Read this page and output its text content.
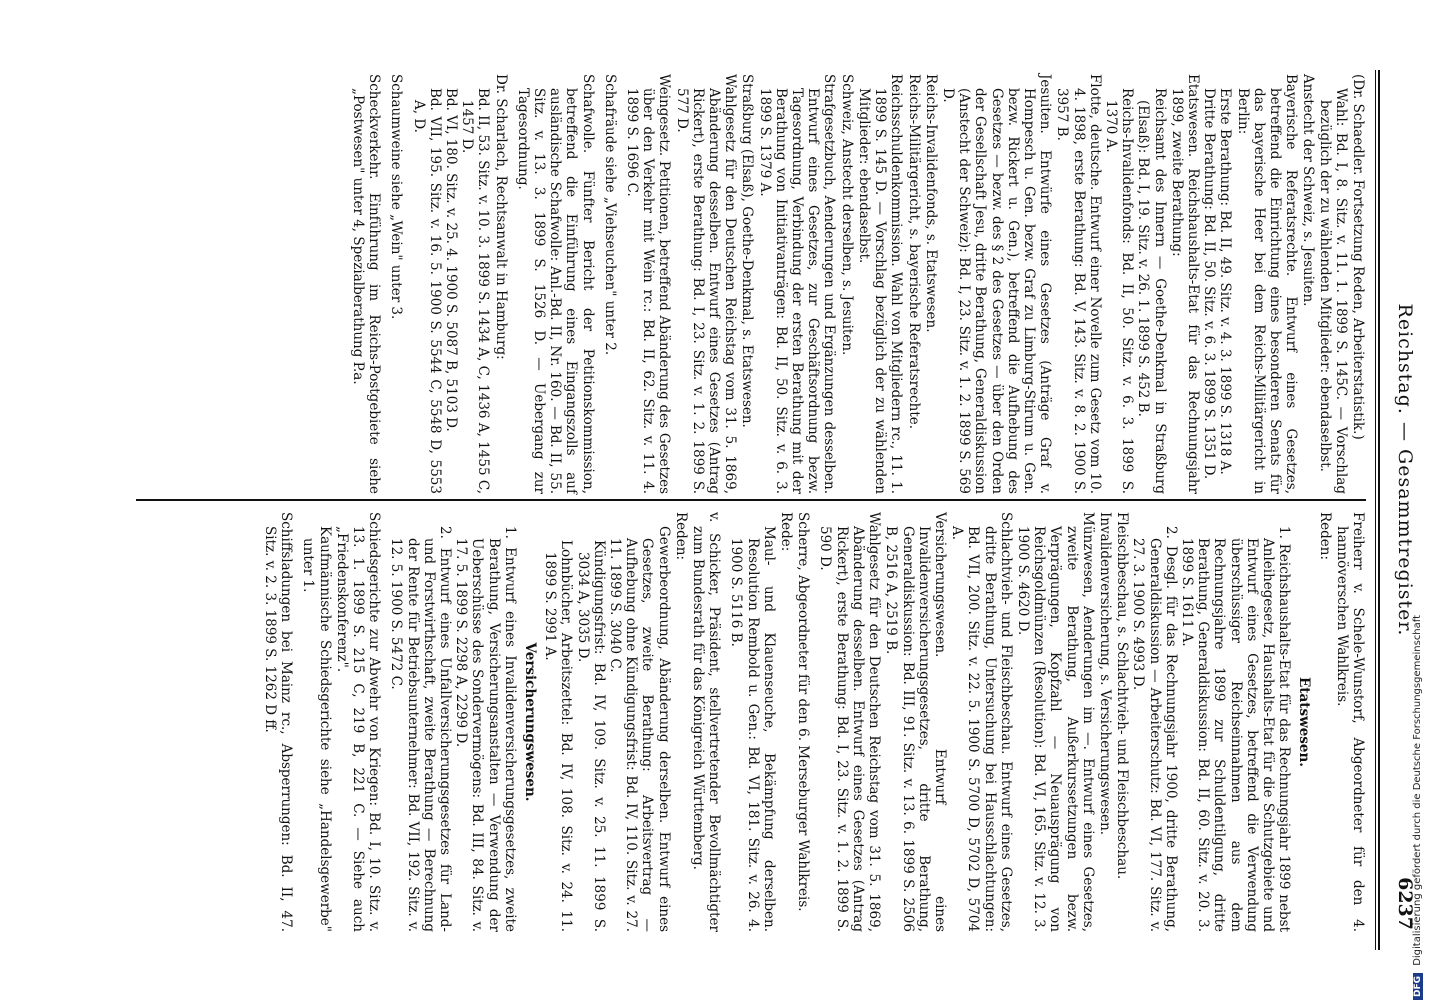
Reichstag. — Gesammtregister.
6237
(Dr. Schaedler. Fortsetzung Reden, Arbeiterstatistik.)
Wahl: Bd. I, 8. Sitz. v. 11. 1. 1899 S. 145C. — Vorschlag bezüglich der zu wählenden Mitglieder: ebendaselbst.
Anstecht der Schweiz, s. Jesuiten.
Bayerische Referatsrechte. Entwurf eines Gesetzes, betreffend die Einrichtung eines besonderen Senats für das bayerische Heer bei dem Reichs-Militärgericht in Berlin:
Erste Berathung: Bd. II, 49. Sitz. v. 4. 3. 1899 S. 1318 A.
Dritte Berathung: Bd. II, 50. Sitz. v. 6. 3. 1899 S. 1351 D.
Etatswesen. Reichshaushalts-Etat für das Rechnungsjahr 1899, zweite Berathung:
Reichsamt des Innern — Goethe-Denkmal in Straßburg (Elsaß): Bd. I, 19. Sitz. v. 26. 1. 1899 S. 452 B.
Reichs-Invalidenfonds: Bd. II, 50. Sitz. v. 6. 3. 1899 S. 1370 A.
Flotte, deutsche. Entwurf einer Novelle zum Gesetz vom 10. 4. 1898, erste Berathung: Bd. V, 143. Sitz. v. 8. 2. 1900 S. 3957 B.
Jesuiten. Entwürfe eines Gesetzes (Anträge Graf v. Hompesch u. Gen. bezw. Graf zu Limburg-Stirum u. Gen. bezw. Rickert u. Gen.), betreffend die Aufhebung des Gesetzes — bezw. des § 2 des Gesetzes — über den Orden der Gesellschaft Jesu, dritte Berathung, Generaldiskussion (Anstecht der Schweiz): Bd. I, 23. Sitz. v. 1. 2. 1899 S. 569 D.
Reichs-Invalidenfonds, s. Etatswesen.
Reichs-Militärgericht, s. bayerische Referatsrechte.
Reichsschuldenkommission. Wahl von Mitgliedern rc., 11. 1. 1899 S. 145 D. — Vorschlag bezüglich der zu wählenden Mitglieder: ebendaselbst.
Schweiz, Anstecht derselben, s. Jesuiten.
Strafgesetzbuch, Aenderungen und Ergänzungen desselben. Entwurf eines Gesetzes, zur Geschäftsordnung bezw. Tagesordnung, Verbindung der ersten Berathung mit der Berathung von Initiativanträgen: Bd. II, 50. Sitz. v. 6. 3. 1899 S. 1379 A.
Straßburg (Elsaß), Goethe-Denkmal, s. Etatswesen.
Wahlgesetz für den Deutschen Reichstag vom 31. 5. 1869, Abänderung desselben. Entwurf eines Gesetzes (Antrag Rickert), erste Berathung: Bd. I, 23. Sitz. v. 1. 2. 1899 S. 577 D.
Weingesetz. Petitionen, betreffend Abänderung des Gesetzes über den Verkehr mit Wein rc.: Bd. II, 62. Sitz. v. 11. 4. 1899 S. 1696 C.
Schafräude siehe „Viehseuchen" unter 2.
Schafwolle. Fünfter Bericht der Petitionskommission, betreffend die Einführung eines Eingangszolls auf ausländische Schafwolle: Anl.-Bd. II, Nr. 160. — Bd. II, 55. Sitz. v. 13. 3. 1899 S. 1526 D. — Uebergang zur Tagesordnung.
Dr. Scharlach, Rechtsanwalt in Hamburg:
Bd. II, 53. Sitz. v. 10. 3. 1899 S. 1434 A, C, 1436 A, 1455 C, 1457 D.
Bd. VI, 180. Sitz. v. 25. 4. 1900 S. 5087 B, 5103 D.
Bd. VII, 195. Sitz. v. 16. 5. 1900 S. 5544 C, 5548 D, 5553 A, D.
Schaumweine siehe „Wein" unter 3.
Scheckverkehr. Einführung im Reichs-Postgebiete siehe „Postwesen" unter 4, Spezialberathung P.a.
Freiherr v. Schele-Wunstorf, Abgeordneter für den 4. hannöverschen Wahlkreis.
Reden:
Etatswesen.
1. Reichshaushalts-Etat für das Rechnungsjahr 1899 nebst Anleihegesetz, Haushalts-Etat für die Schutzgebiete und Entwurf eines Gesetzes, betreffend die Verwendung überschüssiger Reichseinnahmen aus dem Rechnungsjahre 1899 zur Schuldentilgung, dritte Berathung, Generaldiskussion: Bd. II, 60. Sitz. v. 20. 3. 1899 S. 1611 A.
2. Desgl. für das Rechnungsjahr 1900, dritte Berathung, Generaldiskussion — Arbeiterschutz: Bd. VI, 177. Sitz. v. 27. 3. 1900 S. 4993 D.
Fleischbeschau, s. Schlachtvieh- und Fleischbeschau.
Invalidenversicherung, s. Versicherungswesen.
Münzwesen, Aenderungen im —. Entwurf eines Gesetzes, zweite Berathung, Außerkurssetzungen bezw. Verprägungen, Kopfzahl — Neuausprägung von Reichsgoldmünzen (Resolution): Bd. VI, 165. Sitz. v. 12. 3. 1900 S. 4620 D.
Schlachtvieh- und Fleischbeschau. Entwurf eines Gesetzes, dritte Berathung, Untersuchung bei Hausschlachtungen: Bd. VII, 200. Sitz. v. 22. 5. 1900 S. 5700 D, 5702 D, 5704 A.
Versicherungswesen. Entwurf eines Invalidenversicherungsgesetzes, dritte Berathung, Generaldiskussion: Bd. III, 91. Sitz. v. 13. 6. 1899 S. 2506 B, 2516 A, 2519 B.
Wahlgesetz für den Deutschen Reichstag vom 31. 5. 1869, Abänderung desselben. Entwurf eines Gesetzes (Antrag Rickert), erste Berathung: Bd. I, 23. Sitz. v. 1. 2. 1899 S. 590 D.
Scherre, Abgeordneter für den 6. Merseburger Wahlkreis.
Rede:
Maul- und Klauenseuche, Bekämpfung derselben. Resolution Rembold u. Gen.: Bd. VI, 181. Sitz. v. 26. 4. 1900 S. 5116 B.
v. Schicker, Präsident, stellvertretender Bevollmächtigter zum Bundesrath für das Königreich Württemberg.
Reden:
Gewerbeordnung, Abänderung derselben. Entwurf eines Gesetzes, zweite Berathung: Arbeitsvertrag — Aufhebung ohne Kündigungsfrist: Bd. IV, 110. Sitz. v. 27. 11. 1899 S. 3040 C.
Kündigungsfrist: Bd. IV, 109. Sitz. v. 25. 11. 1899 S. 3034 A, 3035 D.
Lohnbücher, Arbeitszettel: Bd. IV, 108. Sitz. v. 24. 11. 1899 S. 2991 A.
Versicherungswesen.
1. Entwurf eines Invalidenversicherungsgesetzes, zweite Berathung, Versicherungsanstalten — Verwendung der Ueberschüsse des Sondervermögens: Bd. III, 84. Sitz. v. 17. 5. 1899 S. 2298 A, 2299 D.
2. Entwurf eines Unfallversicherungsgesetzes für Land- und Forstwirthschaft, zweite Berathung — Berechnung der Rente für Betriebsunternehmer: Bd. VII, 192. Sitz. v. 12. 5. 1900 S. 5472 C.
Schiedsgerichte zur Abwehr von Kriegen: Bd. I, 10. Sitz. v. 13. 1. 1899 S. 215 C, 219 B, 221 C. — Siehe auch „Friedenskonferenz".
Kaufmännische Schiedsgerichte siehe „Handelsgewerbe" unter 1.
Schiffsladungen bei Mainz rc., Absperrungen: Bd. II, 47. Sitz. v. 2. 3. 1899 S. 1262 D ff.
DFG Digitalisierung gefördert durch die Deutsche Forschungsgemeinschaft
